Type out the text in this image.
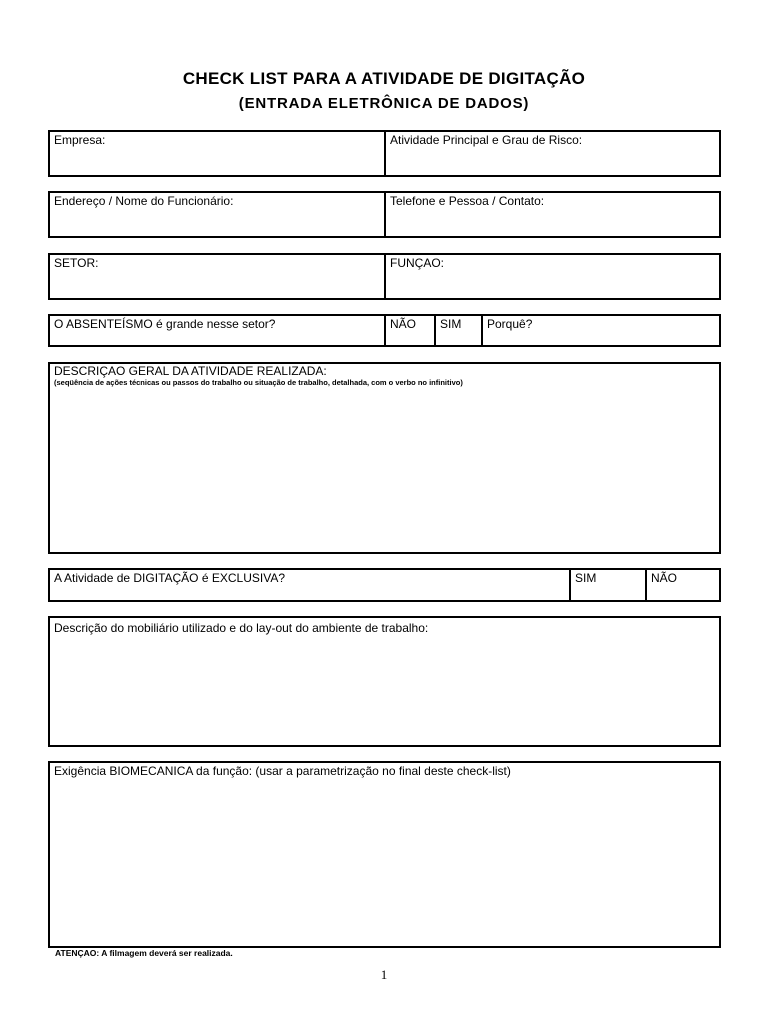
CHECK LIST PARA A ATIVIDADE DE DIGITAÇÃO
(ENTRADA ELETRÔNICA DE DADOS)
Empresa:	Atividade Principal e Grau de Risco:
Endereço / Nome do Funcionário:	Telefone e Pessoa / Contato:
SETOR:	FUNÇAO:
O ABSENTEÍSMO é grande nesse setor?	NÃO	SIM	Porquê?
DESCRIÇAO GERAL DA ATIVIDADE REALIZADA:
(seqüência de ações técnicas ou passos do trabalho ou situação de trabalho, detalhada, com o verbo no infinitivo)
A Atividade de DIGITAÇÃO é EXCLUSIVA?	SIM	NÃO
Descrição do mobiliário utilizado e do lay-out do ambiente de trabalho:
Exigência BIOMECANICA da função: (usar a parametrização no final deste check-list)
ATENÇAO: A filmagem deverá ser realizada.
1
